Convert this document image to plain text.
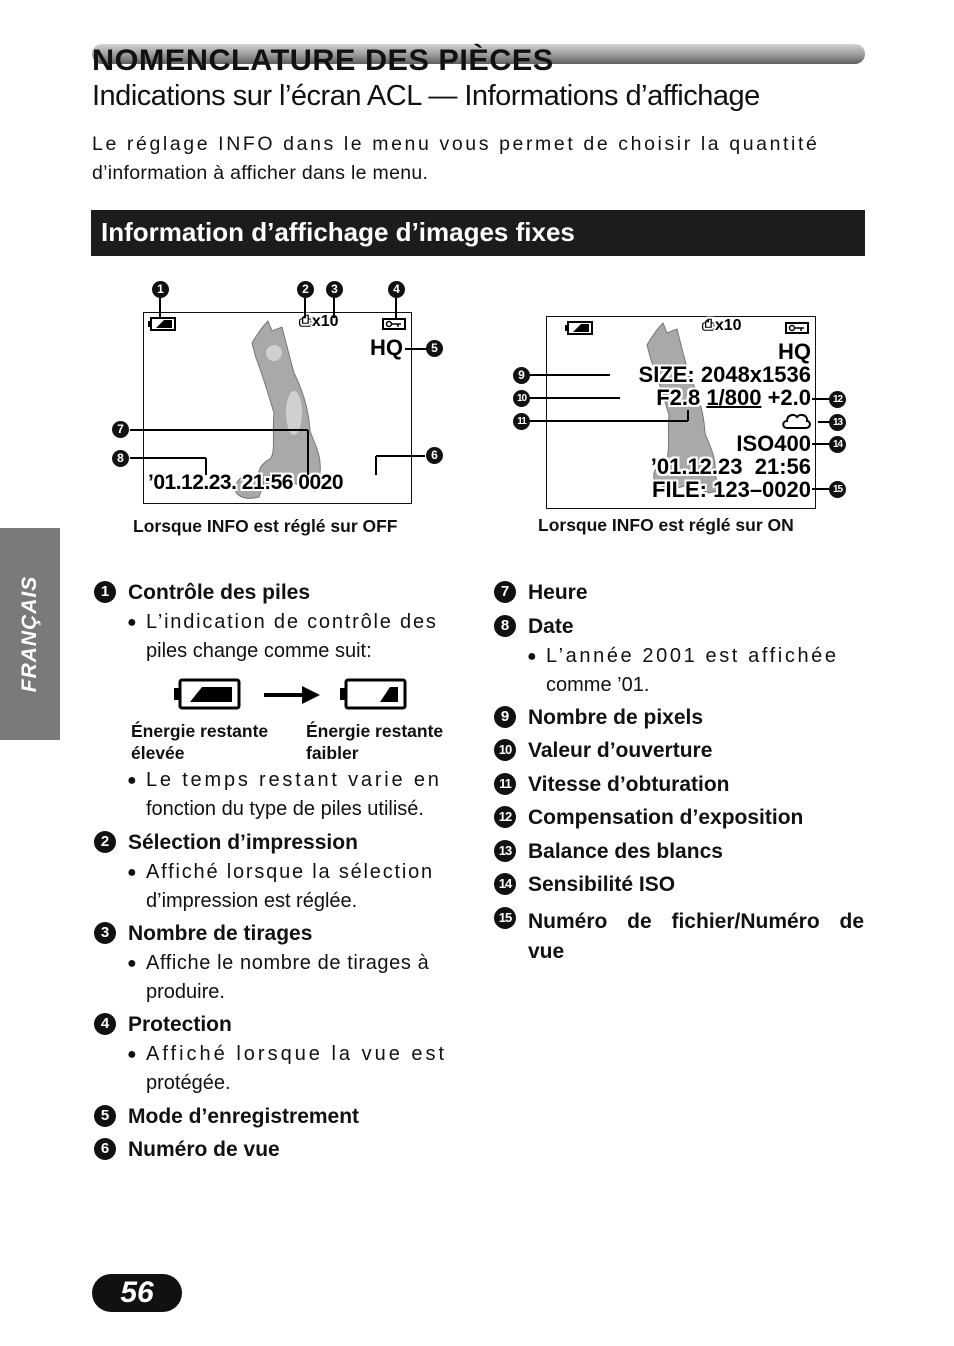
NOMENCLATURE DES PIÈCES
Indications sur l’écran ACL — Informations d’affichage
Le réglage INFO dans le menu vous permet de choisir la quantité
d’information à afficher dans le menu.
Information d’affichage d’images fixes
FRANÇAIS
⎙x10
HQ
’01.12.23. 21:56 0020
1	2	3	4
5
6
7
8
Lorsque INFO est réglé sur OFF
⎙x10
HQ
SIZE: 2048x1536
F2.8 1/800 +2.0
ISO400
’01.12.23  21:56
FILE: 123–0020
9
10
11
12
13
14
15
Lorsque INFO est réglé sur ON
1 Contrôle des piles
● L’indication de contrôle des
piles change comme suit:
Énergie restante élevée
Énergie restante faibler
● Le temps restant varie en
fonction du type de piles utilisé.
2 Sélection d’impression
● Affiché lorsque la sélection
d’impression est réglée.
3 Nombre de tirages
● Affiche le nombre de tirages à
produire.
4 Protection
● Affiché lorsque la vue est
protégée.
5 Mode d’enregistrement
6 Numéro de vue
7 Heure
8 Date
● L’année 2001 est affichée
comme ’01.
9 Nombre de pixels
10 Valeur d’ouverture
11 Vitesse d’obturation
12 Compensation d’exposition
13 Balance des blancs
14 Sensibilité ISO
15 Numéro de fichier/Numéro de vue
56
